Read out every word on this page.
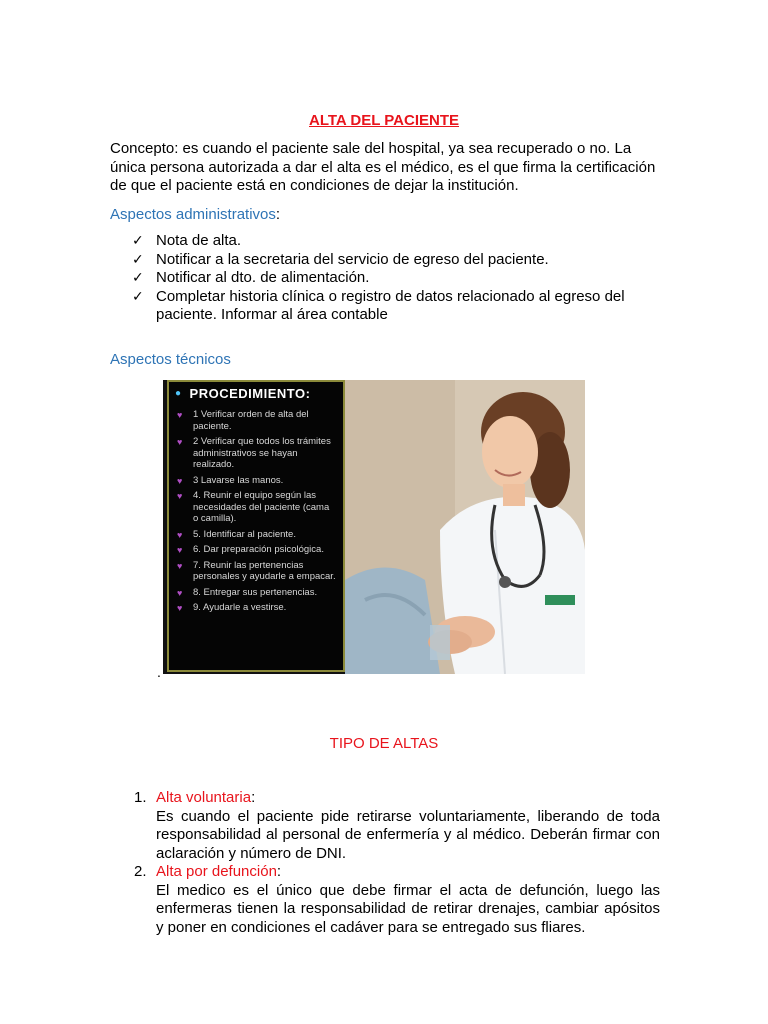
ALTA DEL PACIENTE
Concepto: es cuando el paciente sale del hospital, ya sea recuperado o no. La única persona autorizada a dar el alta es el médico, es el que firma la certificación de que el paciente está en condiciones de dejar la institución.
Aspectos administrativos:
✓ Nota de alta.
✓ Notificar a la secretaria del servicio de egreso del paciente.
✓ Notificar al dto. de alimentación.
✓ Completar historia clínica o registro de datos relacionado al egreso del paciente. Informar al área contable
Aspectos técnicos
● PROCEDIMIENTO:
♥ 1 Verificar orden de alta del paciente.
♥ 2 Verificar que todos los trámites administrativos se hayan realizado.
♥ 3 Lavarse las manos.
♥ 4. Reunir el equipo según las necesidades del paciente (cama o camilla).
♥ 5. Identificar al paciente.
♥ 6. Dar preparación psicológica.
♥ 7. Reunir las pertenencias personales y ayudarle a empacar.
♥ 8. Entregar sus pertenencias.
♥ 9. Ayudarle a vestirse.
.
TIPO DE ALTAS
1. Alta voluntaria:
Es cuando el paciente pide retirarse voluntariamente, liberando de toda responsabilidad al personal de enfermería y al médico. Deberán firmar con aclaración y número de DNI.
2. Alta por defunción:
El medico es el único que debe firmar el acta de defunción, luego las enfermeras tienen la responsabilidad de retirar drenajes, cambiar apósitos y poner en condiciones el cadáver para se entregado sus fliares.
